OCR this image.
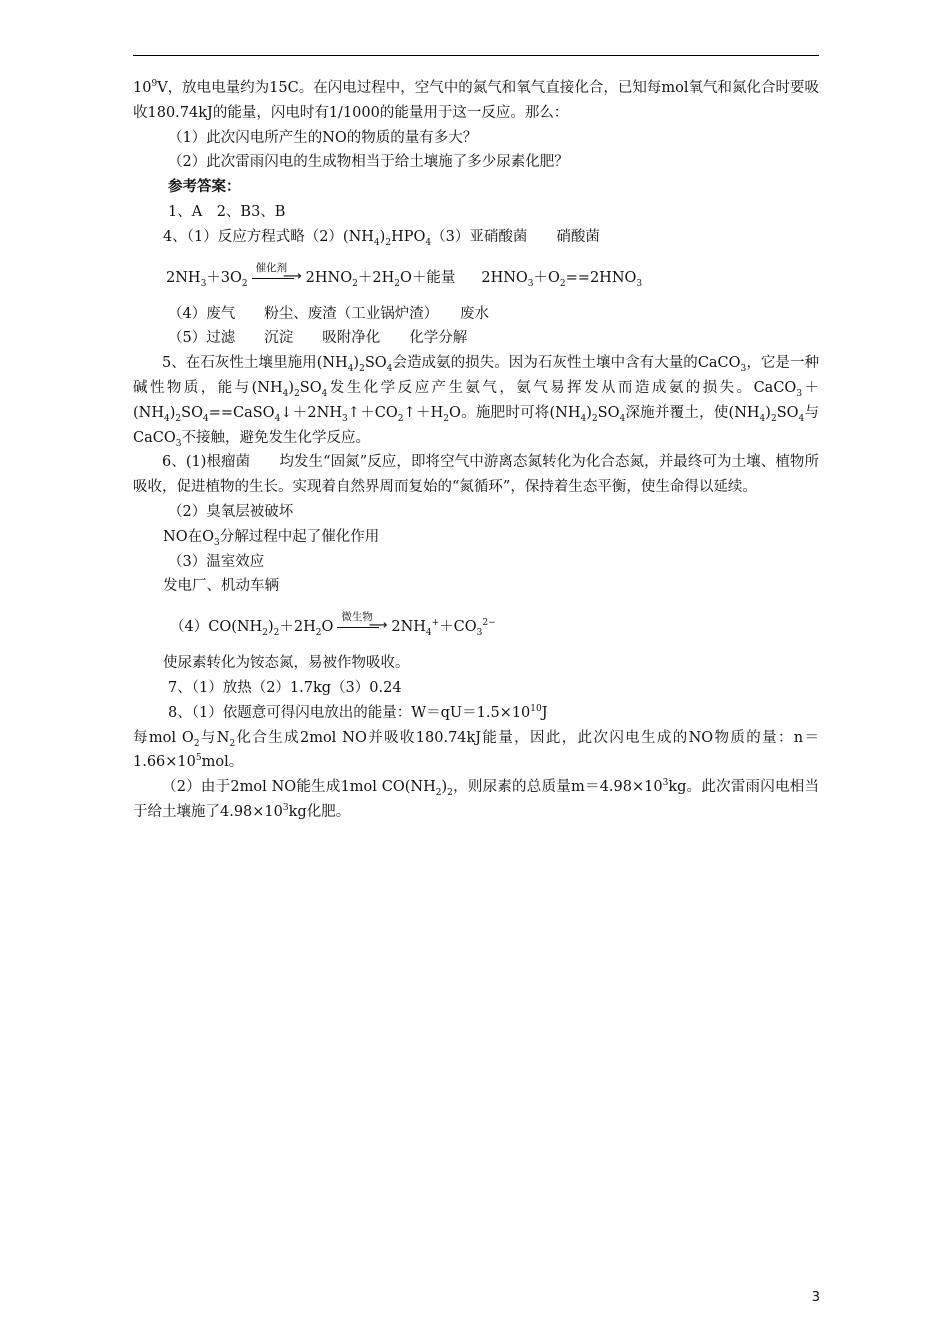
$10^9V$，放电电量约为15C。在闪电过程中，空气中的氮气和氧气直接化合，已知每mol氧气和氮化合时要吸收180.74kJ的能量，闪电时有1/1000的能量用于这一反应。那么：
（1）此次闪电所产生的NO的物质的量有多大？
（2）此次雷雨闪电的生成物相当于给土壤施了多少尿素化肥？
参考答案：
1、A　2、B3、B
4、（1）反应方程式略$(2)(NH_4)_2HPO_4(3)$亚硝酸菌　　硝酸菌
$2NH_3+3O_2$
催化剂
⟶ $2HNO_2+2H_2O+$能量 $2HNO_3+O_2==2HNO_3$
（4）废气　　粉尘、废渣（工业锅炉渣）　　废水
（5）过滤　　沉淀　　吸附净化　　化学分解
5、在石灰性土壤里施用$(NH_4)_2SO_4$会造成氨的损失。因为石灰性土壤中含有大量的CaCO$_3$，它是一种碱性物质，能与$(NH_4)_2SO_4$发生化学反应产生氨气，氨气易挥发从而造成氨的损失。$CaCO_3+(NH_4)_2SO_4==CaSO_4↓+2NH_3↑+CO_2↑+H_2O$。施肥时可将$(NH_4)_2SO_4$深施并覆土，使$(NH_4)_2SO_4$与CaCO$_3$不接触，避免发生化学反应。
6、(1)根瘤菌　　均发生“固氮”反应，即将空气中游离态氮转化为化合态氮，并最终可为土壤、植物所吸收，促进植物的生长。实现着自然界周而复始的“氮循环”，保持着生态平衡，使生命得以延续。
（2）臭氧层被破坏
NO在$O_3$分解过程中起了催化作用
（3）温室效应
发电厂、机动车辆
$(4)CO(NH_2)_2+2H_2O$
微生物
⟶ $2NH_4^++CO_3^{2-}$
使尿素转化为铵态氮，易被作物吸收。
7、（1）放热（2）1.7kg（3）0.24
8、（1）依题意可得闪电放出的能量：$W=qU=1.5\times 10^{10}J$
每mol $O_2$与$N_2$化合生成2mol NO并吸收180.74kJ能量，因此，此次闪电生成的NO物质的量：$n=1.66\times 10^5mol$。
（2）由于2mol NO能生成1mol $CO(NH_2)_2$，则尿素的总质量$m=4.98\times 10^3kg$。此次雷雨闪电相当于给土壤施了$4.98\times 10^3kg$化肥。
3
